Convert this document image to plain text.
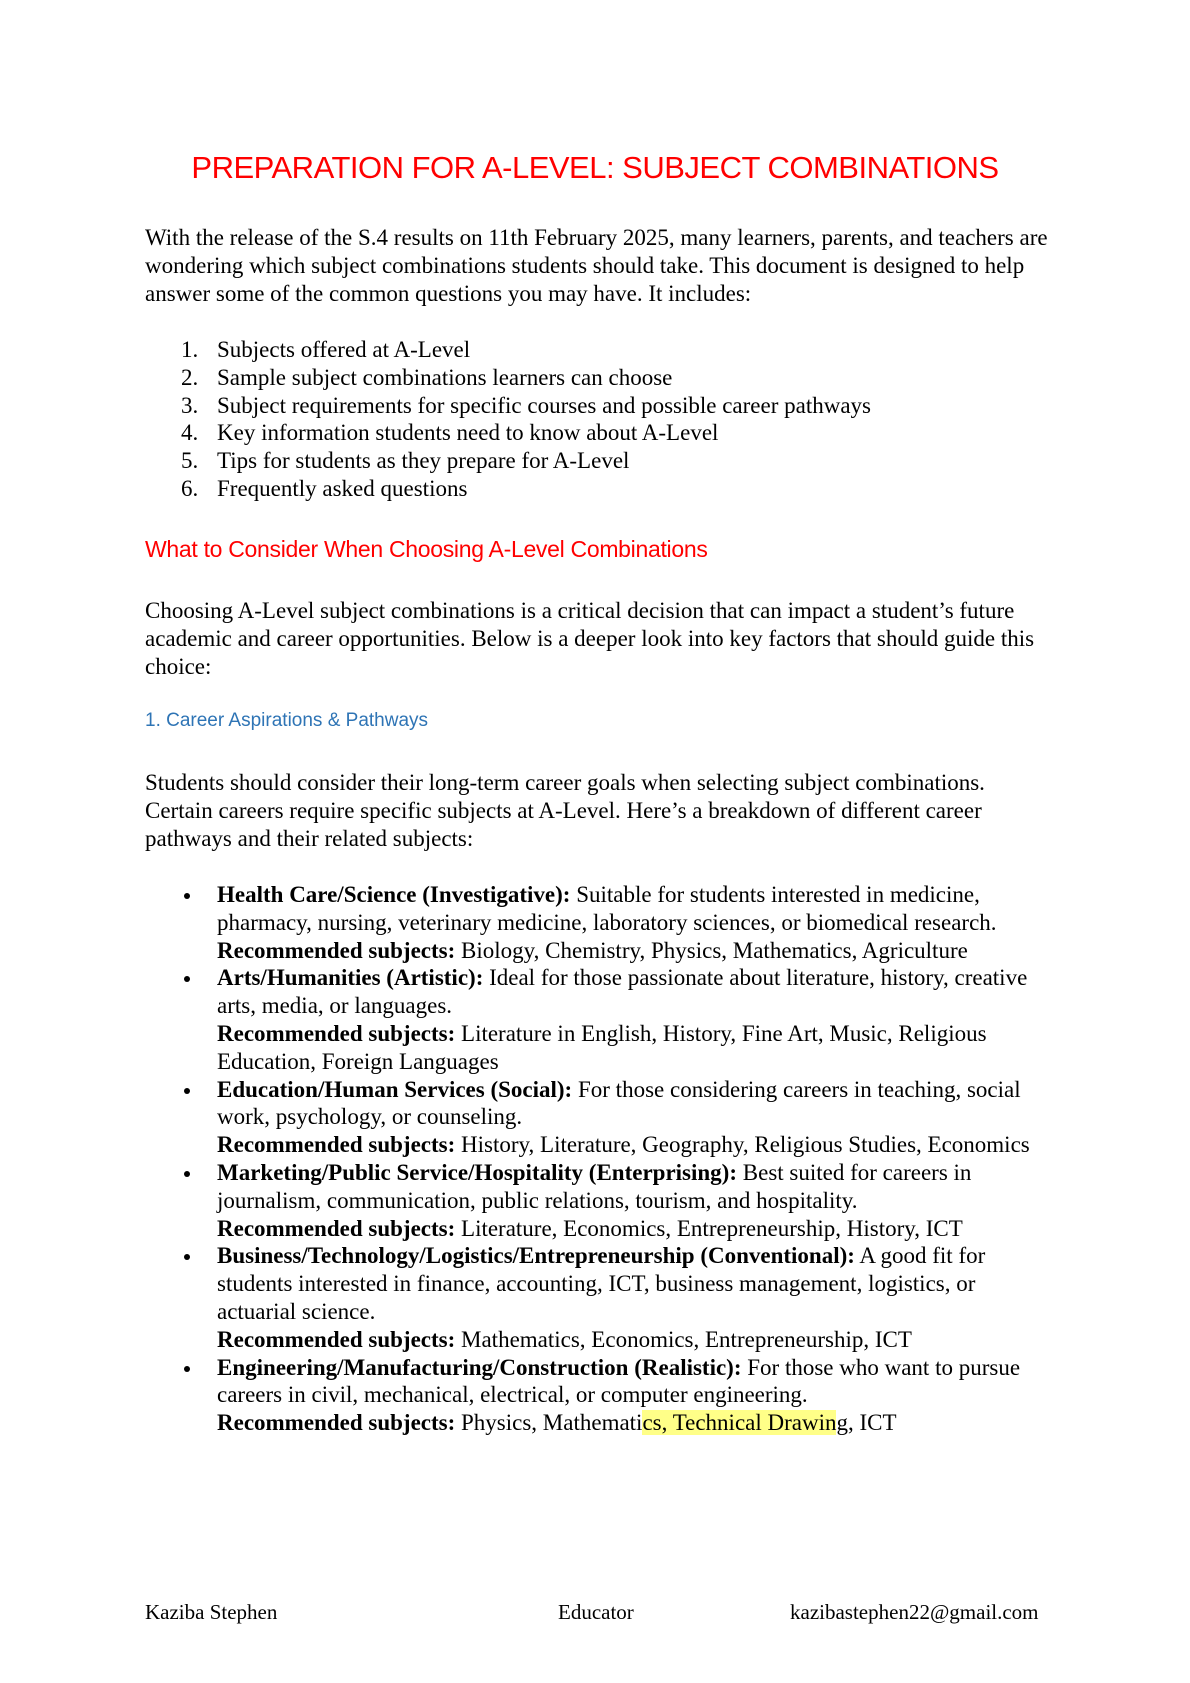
PREPARATION FOR A-LEVEL: SUBJECT COMBINATIONS

With the release of the S.4 results on 11th February 2025, many learners, parents, and teachers are wondering which subject combinations students should take. This document is designed to help answer some of the common questions you may have. It includes:

1. Subjects offered at A-Level
2. Sample subject combinations learners can choose
3. Subject requirements for specific courses and possible career pathways
4. Key information students need to know about A-Level
5. Tips for students as they prepare for A-Level
6. Frequently asked questions
What to Consider When Choosing A-Level Combinations

Choosing A-Level subject combinations is a critical decision that can impact a student’s future academic and career opportunities. Below is a deeper look into key factors that should guide this choice:

1. Career Aspirations & Pathways

Students should consider their long-term career goals when selecting subject combinations. Certain careers require specific subjects at A-Level. Here’s a breakdown of different career pathways and their related subjects:

Health Care/Science (Investigative): Suitable for students interested in medicine, pharmacy, nursing, veterinary medicine, laboratory sciences, or biomedical research.
Recommended subjects: Biology, Chemistry, Physics, Mathematics, Agriculture
Arts/Humanities (Artistic): Ideal for those passionate about literature, history, creative arts, media, or languages.
Recommended subjects: Literature in English, History, Fine Art, Music, Religious Education, Foreign Languages
Education/Human Services (Social): For those considering careers in teaching, social work, psychology, or counseling.
Recommended subjects: History, Literature, Geography, Religious Studies, Economics
Marketing/Public Service/Hospitality (Enterprising): Best suited for careers in journalism, communication, public relations, tourism, and hospitality.
Recommended subjects: Literature, Economics, Entrepreneurship, History, ICT
Business/Technology/Logistics/Entrepreneurship (Conventional): A good fit for students interested in finance, accounting, ICT, business management, logistics, or actuarial science.
Recommended subjects: Mathematics, Economics, Entrepreneurship, ICT
Engineering/Manufacturing/Construction (Realistic): For those who want to pursue careers in civil, mechanical, electrical, or computer engineering.
Recommended subjects: Physics, Mathematics, Technical Drawing, ICT
Kaziba Stephen	Educator	kazibastephen22@gmail.com
